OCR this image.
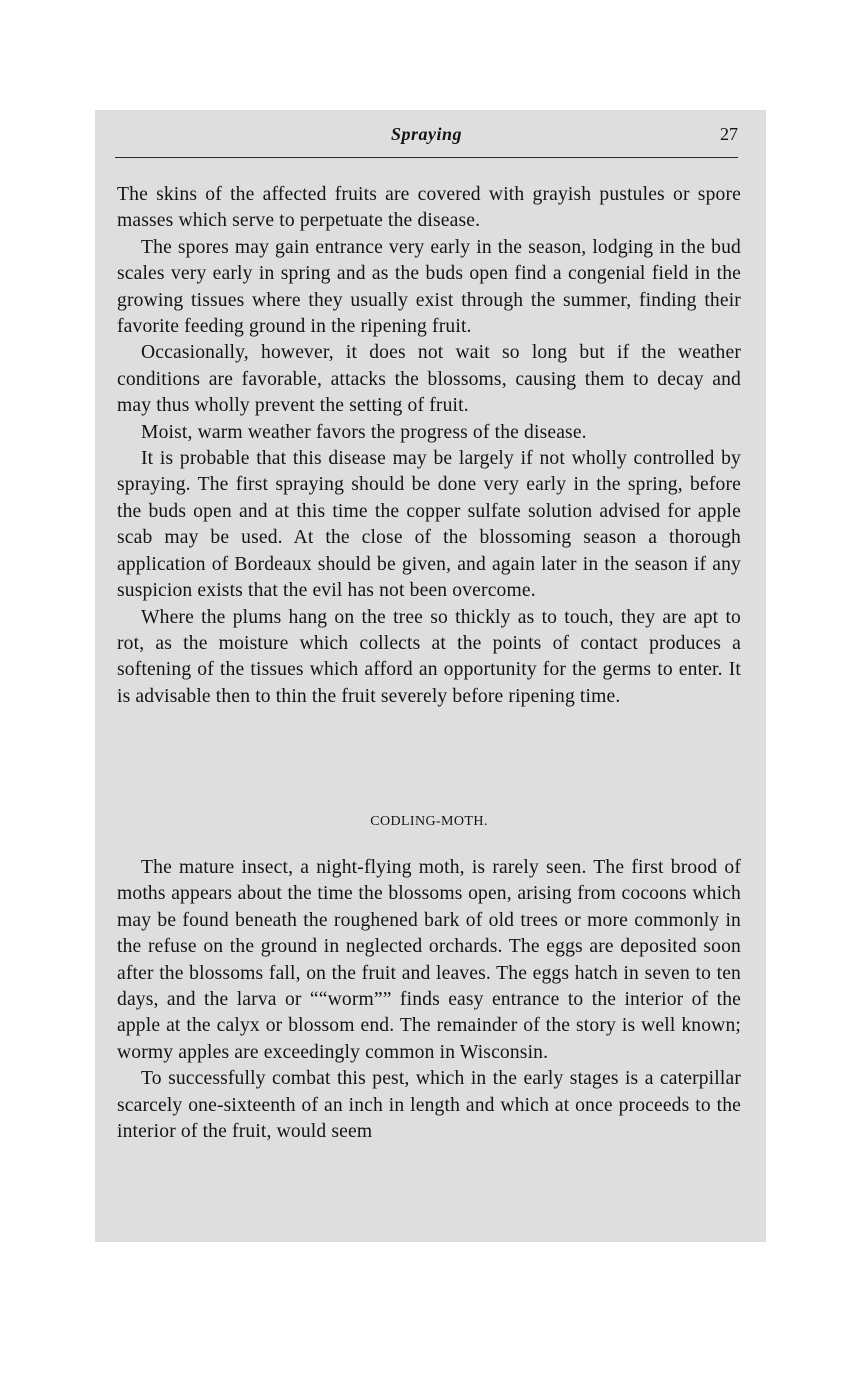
Spraying	27

The skins of the affected fruits are covered with grayish pustules or spore masses which serve to perpetuate the disease.

The spores may gain entrance very early in the season, lodging in the bud scales very early in spring and as the buds open find a congenial field in the growing tissues where they usually exist through the summer, finding their favorite feeding ground in the ripening fruit.

Occasionally, however, it does not wait so long but if the weather conditions are favorable, attacks the blossoms, causing them to decay and may thus wholly prevent the setting of fruit.

Moist, warm weather favors the progress of the disease.

It is probable that this disease may be largely if not wholly controlled by spraying. The first spraying should be done very early in the spring, before the buds open and at this time the copper sulfate solution advised for apple scab may be used. At the close of the blossoming season a thorough application of Bordeaux should be given, and again later in the season if any suspicion exists that the evil has not been overcome.

Where the plums hang on the tree so thickly as to touch, they are apt to rot, as the moisture which collects at the points of contact produces a softening of the tissues which afford an opportunity for the germs to enter. It is advisable then to thin the fruit severely before ripening time.

CODLING-MOTH.

The mature insect, a night-flying moth, is rarely seen. The first brood of moths appears about the time the blossoms open, arising from cocoons which may be found beneath the roughened bark of old trees or more commonly in the refuse on the ground in neglected orchards. The eggs are deposited soon after the blossoms fall, on the fruit and leaves. The eggs hatch in seven to ten days, and the larva or ““worm”” finds easy entrance to the interior of the apple at the calyx or blossom end. The remainder of the story is well known; wormy apples are exceedingly common in Wisconsin.

To successfully combat this pest, which in the early stages is a caterpillar scarcely one-sixteenth of an inch in length and which at once proceeds to the interior of the fruit, would seem
